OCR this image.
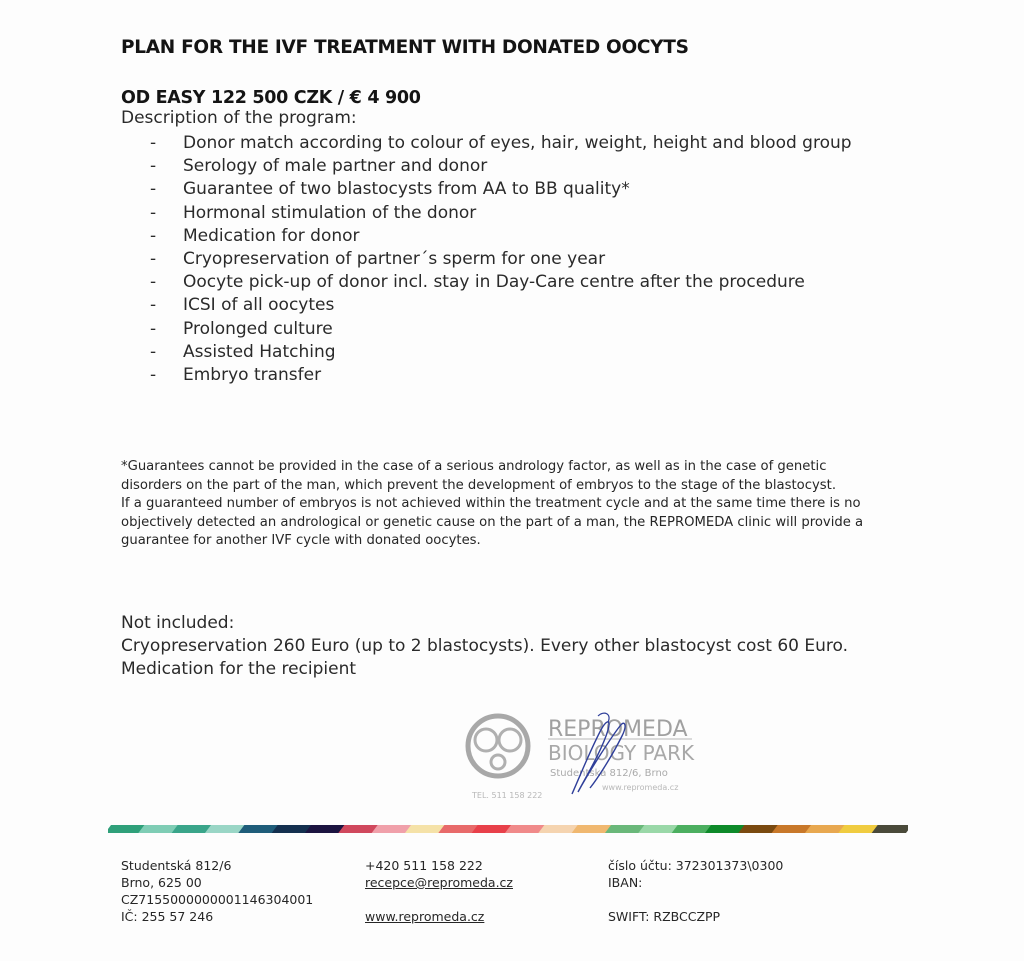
PLAN FOR THE IVF TREATMENT WITH DONATED OOCYTS
OD EASY 122 500 CZK / € 4 900
Description of the program:
- Donor match according to colour of eyes, hair, weight, height and blood group
- Serology of male partner and donor
- Guarantee of two blastocysts from AA to BB quality*
- Hormonal stimulation of the donor
- Medication for donor
- Cryopreservation of partner´s sperm for one year
- Oocyte pick-up of donor incl. stay in Day-Care centre after the procedure
- ICSI of all oocytes
- Prolonged culture
- Assisted Hatching
- Embryo transfer

*Guarantees cannot be provided in the case of a serious andrology factor, as well as in the case of genetic disorders on the part of the man, which prevent the development of embryos to the stage of the blastocyst.

If a guaranteed number of embryos is not achieved within the treatment cycle and at the same time there is no objectively detected an andrological or genetic cause on the part of a man, the REPROMEDA clinic will provide a guarantee for another IVF cycle with donated oocytes.

Not included:

Cryopreservation 260 Euro (up to 2 blastocysts). Every other blastocyst cost 60 Euro.

Medication for the recipient

REPROMEDA
BIOLOGY PARK
Studentská 812/6, Brno
TEL. 511 158 222
www.repromeda.cz
Studentská 812/6
Brno, 625 00
CZ7155000000001146304001
IČ: 255 57 246
+420 511 158 222
recepce@repromeda.cz
www.repromeda.cz
číslo účtu: 372301373\0300
IBAN:
SWIFT: RZBCCZPP
